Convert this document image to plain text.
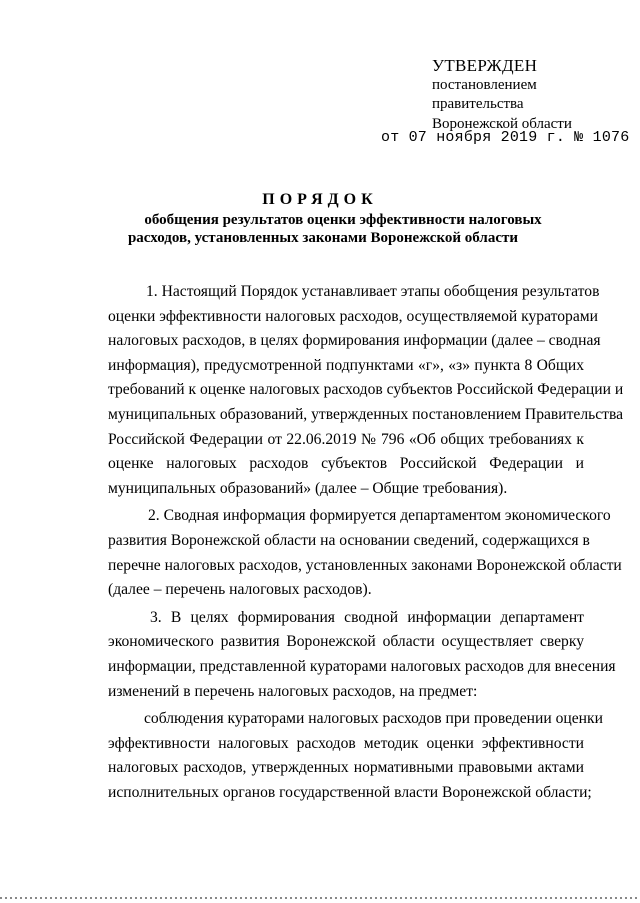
УТВЕРЖДЕН
постановлением
правительства
Воронежской области
от 07 ноября 2019 г. № 1076
ПОРЯДОК
обобщения результатов оценки эффективности налоговых
расходов, установленных законами Воронежской области
1. Настоящий Порядок устанавливает этапы обобщения результатов
оценки эффективности налоговых расходов, осуществляемой кураторами
налоговых расходов, в целях формирования информации (далее – сводная
информация), предусмотренной подпунктами «г», «з» пункта 8 Общих
требований к оценке налоговых расходов субъектов Российской Федерации и
муниципальных образований, утвержденных постановлением Правительства
Российской Федерации от 22.06.2019 № 796 «Об общих требованиях к
оценке налоговых расходов субъектов Российской Федерации и
муниципальных образований» (далее – Общие требования).
2. Сводная информация формируется департаментом экономического
развития Воронежской области на основании сведений, содержащихся в
перечне налоговых расходов, установленных законами Воронежской области
(далее – перечень налоговых расходов).
3. В целях формирования сводной информации департамент
экономического развития Воронежской области осуществляет сверку
информации, представленной кураторами налоговых расходов для внесения
изменений в перечень налоговых расходов, на предмет:
соблюдения кураторами налоговых расходов при проведении оценки
эффективности налоговых расходов методик оценки эффективности
налоговых расходов, утвержденных нормативными правовыми актами
исполнительных органов государственной власти Воронежской области;
